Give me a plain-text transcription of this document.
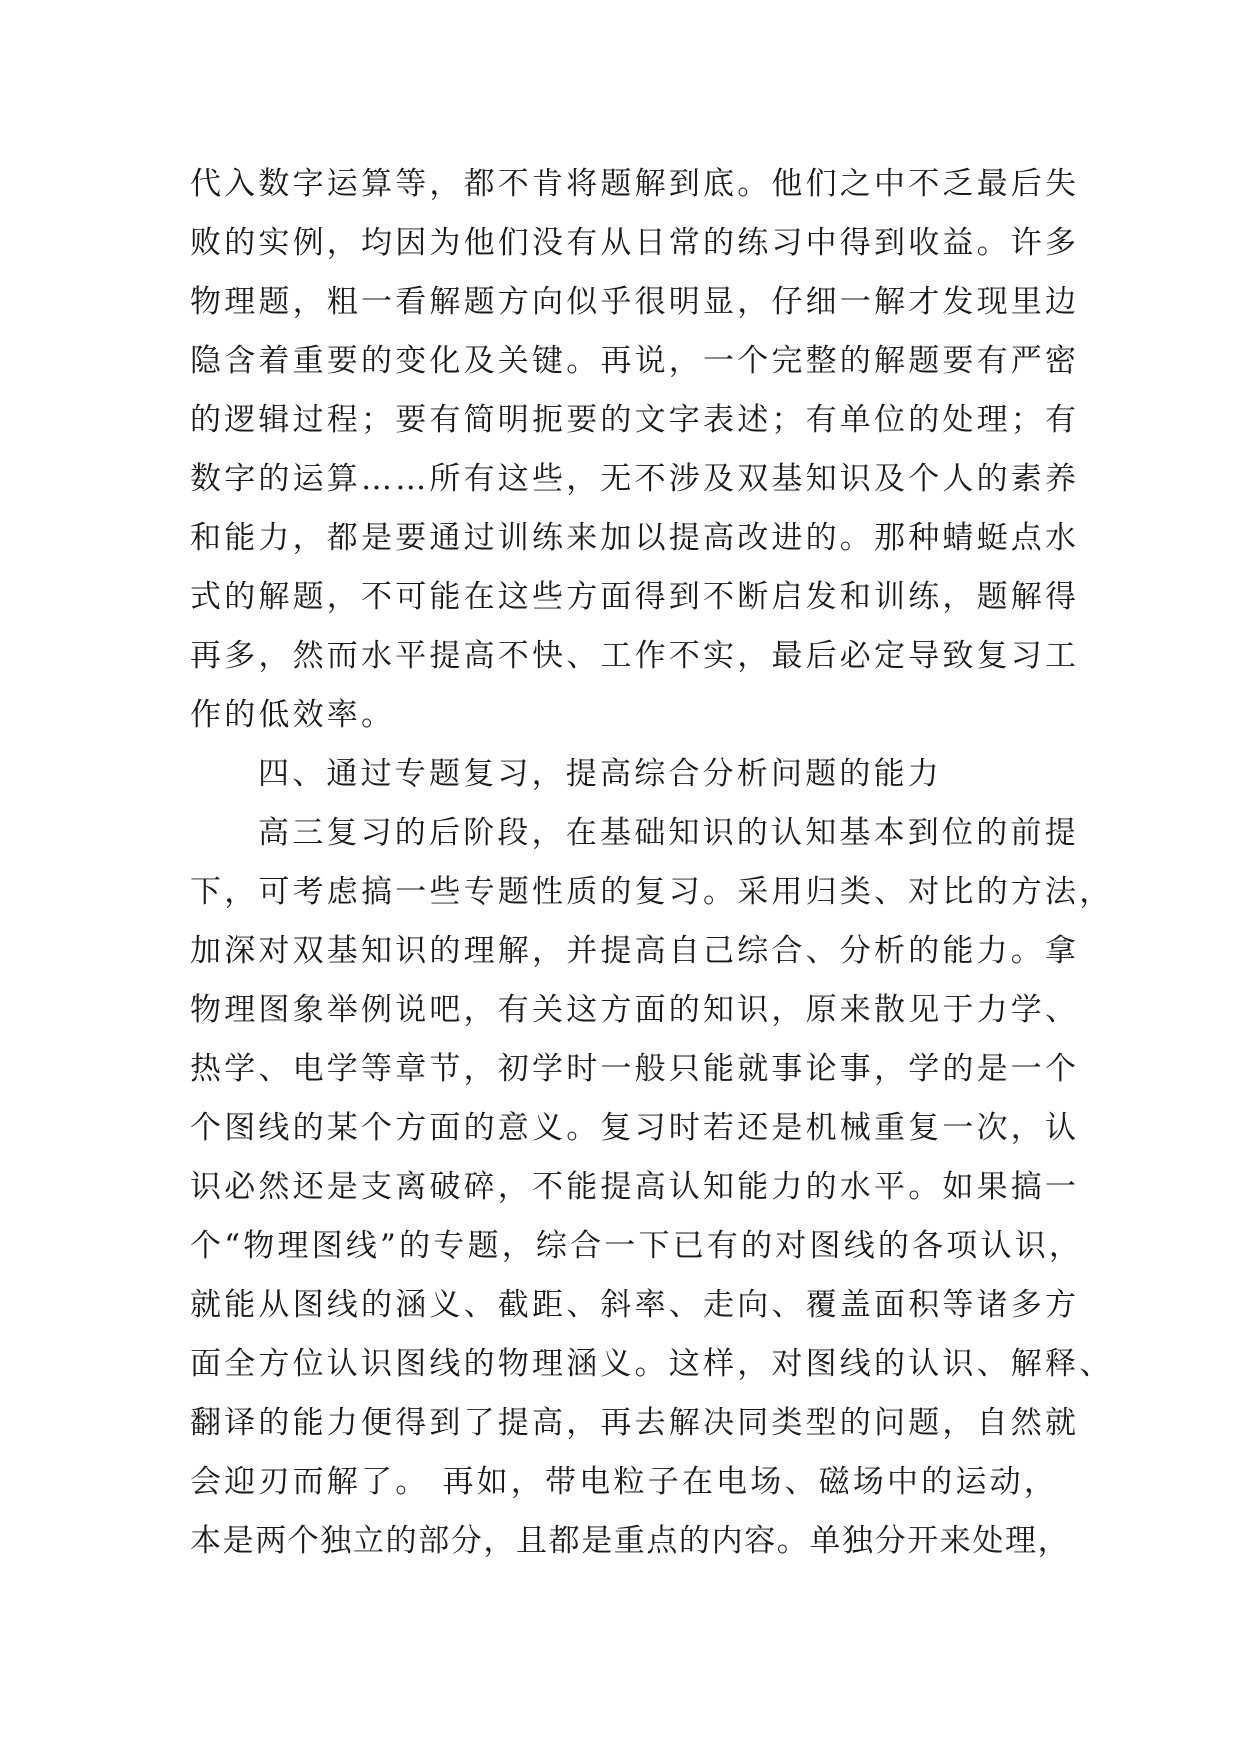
代入数字运算等，都不肯将题解到底。他们之中不乏最后失
败的实例，均因为他们没有从日常的练习中得到收益。许多
物理题，粗一看解题方向似乎很明显，仔细一解才发现里边
隐含着重要的变化及关键。再说，一个完整的解题要有严密
的逻辑过程；要有简明扼要的文字表述；有单位的处理；有
数字的运算……所有这些，无不涉及双基知识及个人的素养
和能力，都是要通过训练来加以提高改进的。那种蜻蜓点水
式的解题，不可能在这些方面得到不断启发和训练，题解得
再多，然而水平提高不快、工作不实，最后必定导致复习工
作的低效率。
四、通过专题复习，提高综合分析问题的能力
高三复习的后阶段，在基础知识的认知基本到位的前提
下，可考虑搞一些专题性质的复习。采用归类、对比的方法，
加深对双基知识的理解，并提高自己综合、分析的能力。拿
物理图象举例说吧，有关这方面的知识，原来散见于力学、
热学、电学等章节，初学时一般只能就事论事，学的是一个
个图线的某个方面的意义。复习时若还是机械重复一次，认
识必然还是支离破碎，不能提高认知能力的水平。如果搞一
个“物理图线”的专题，综合一下已有的对图线的各项认识，
就能从图线的涵义、截距、斜率、走向、覆盖面积等诸多方
面全方位认识图线的物理涵义。这样，对图线的认识、解释、
翻译的能力便得到了提高，再去解决同类型的问题，自然就
会迎刃而解了。 再如，带电粒子在电场、磁场中的运动，
本是两个独立的部分，且都是重点的内容。单独分开来处理，
